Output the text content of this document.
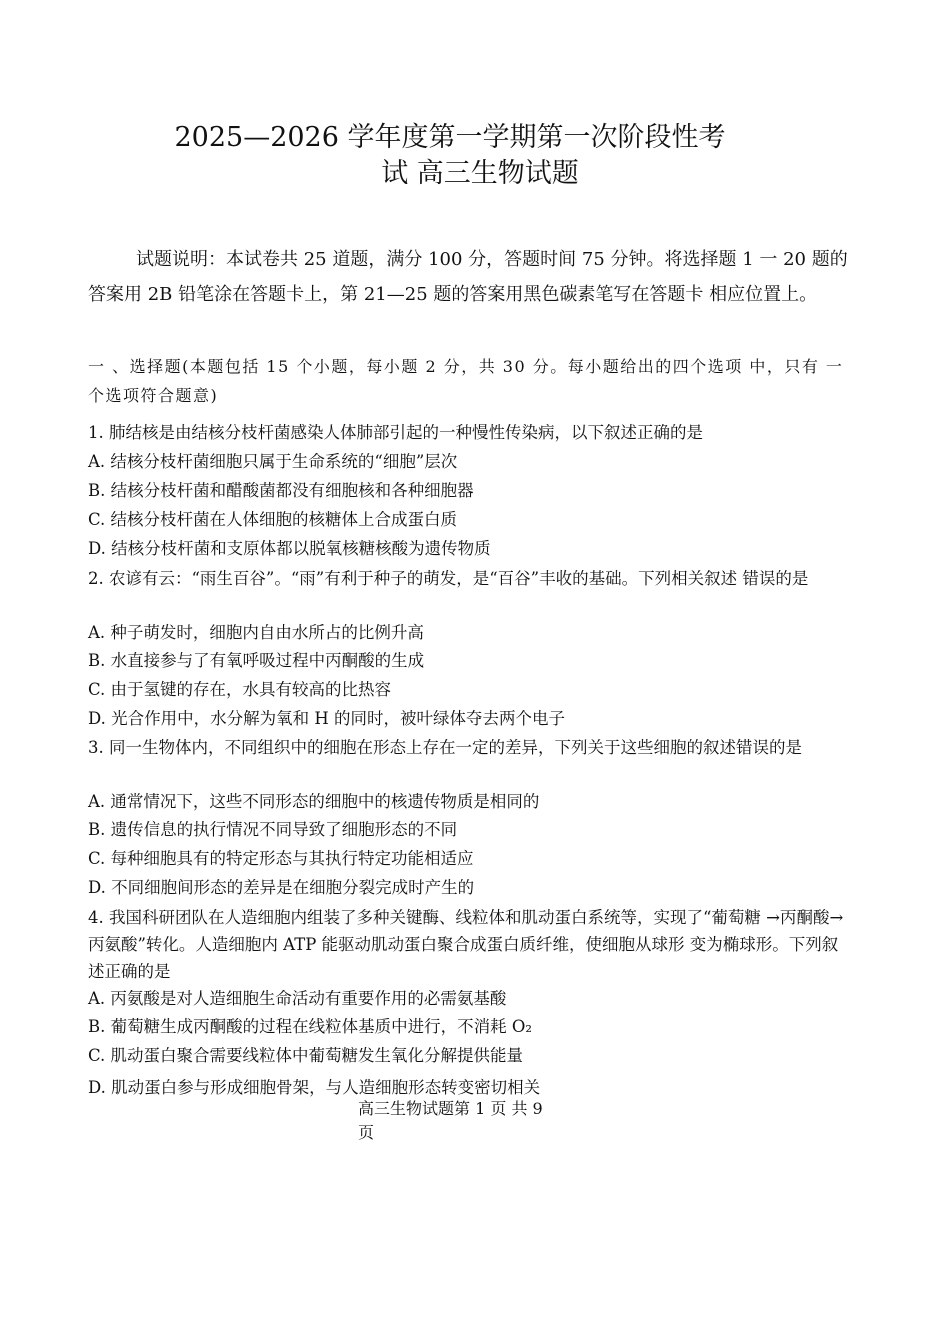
2025—2026 学年度第一学期第一次阶段性考
试 高三生物试题
试题说明：本试卷共 25 道题，满分 100 分，答题时间 75 分钟。将选择题 1 一 20 题的答案用 2B 铅笔涂在答题卡上，第 21—25 题的答案用黑色碳素笔写在答题卡 相应位置上。
一 、选择题(本题包括 15 个小题，每小题 2 分，共 30 分。每小题给出的四个选项 中，只有 一个选项符合题意)
1. 肺结核是由结核分枝杆菌感染人体肺部引起的一种慢性传染病，以下叙述正确的是
A. 结核分枝杆菌细胞只属于生命系统的“细胞”层次
B. 结核分枝杆菌和醋酸菌都没有细胞核和各种细胞器
C. 结核分枝杆菌在人体细胞的核糖体上合成蛋白质
D. 结核分枝杆菌和支原体都以脱氧核糖核酸为遗传物质
2. 农谚有云：“雨生百谷”。“雨”有利于种子的萌发，是“百谷”丰收的基础。下列相关叙述 错误的是
A. 种子萌发时，细胞内自由水所占的比例升高
B. 水直接参与了有氧呼吸过程中丙酮酸的生成
C. 由于氢键的存在，水具有较高的比热容
D. 光合作用中，水分解为氧和 H 的同时，被叶绿体夺去两个电子
3. 同一生物体内，不同组织中的细胞在形态上存在一定的差异，下列关于这些细胞的叙述错误的是
A. 通常情况下，这些不同形态的细胞中的核遗传物质是相同的
B. 遗传信息的执行情况不同导致了细胞形态的不同
C. 每种细胞具有的特定形态与其执行特定功能相适应
D. 不同细胞间形态的差异是在细胞分裂完成时产生的
4. 我国科研团队在人造细胞内组装了多种关键酶、线粒体和肌动蛋白系统等，实现了“葡萄糖 →丙酮酸→丙氨酸”转化。人造细胞内 ATP 能驱动肌动蛋白聚合成蛋白质纤维，使细胞从球形 变为椭球形。下列叙述正确的是
A. 丙氨酸是对人造细胞生命活动有重要作用的必需氨基酸
B. 葡萄糖生成丙酮酸的过程在线粒体基质中进行，不消耗 O₂
C. 肌动蛋白聚合需要线粒体中葡萄糖发生氧化分解提供能量
D. 肌动蛋白参与形成细胞骨架，与人造细胞形态转变密切相关
高三生物试题第 1 页 共 9
页
